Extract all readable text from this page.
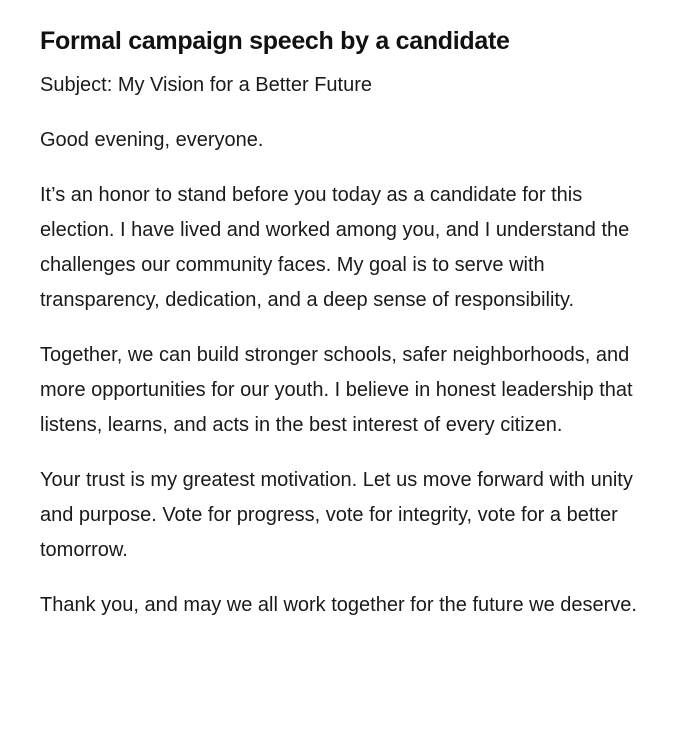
Formal campaign speech by a candidate

Subject: My Vision for a Better Future

Good evening, everyone.

It’s an honor to stand before you today as a candidate for this election. I have lived and worked among you, and I understand the challenges our community faces. My goal is to serve with transparency, dedication, and a deep sense of responsibility.

Together, we can build stronger schools, safer neighborhoods, and more opportunities for our youth. I believe in honest leadership that listens, learns, and acts in the best interest of every citizen.

Your trust is my greatest motivation. Let us move forward with unity and purpose. Vote for progress, vote for integrity, vote for a better tomorrow.

Thank you, and may we all work together for the future we deserve.
